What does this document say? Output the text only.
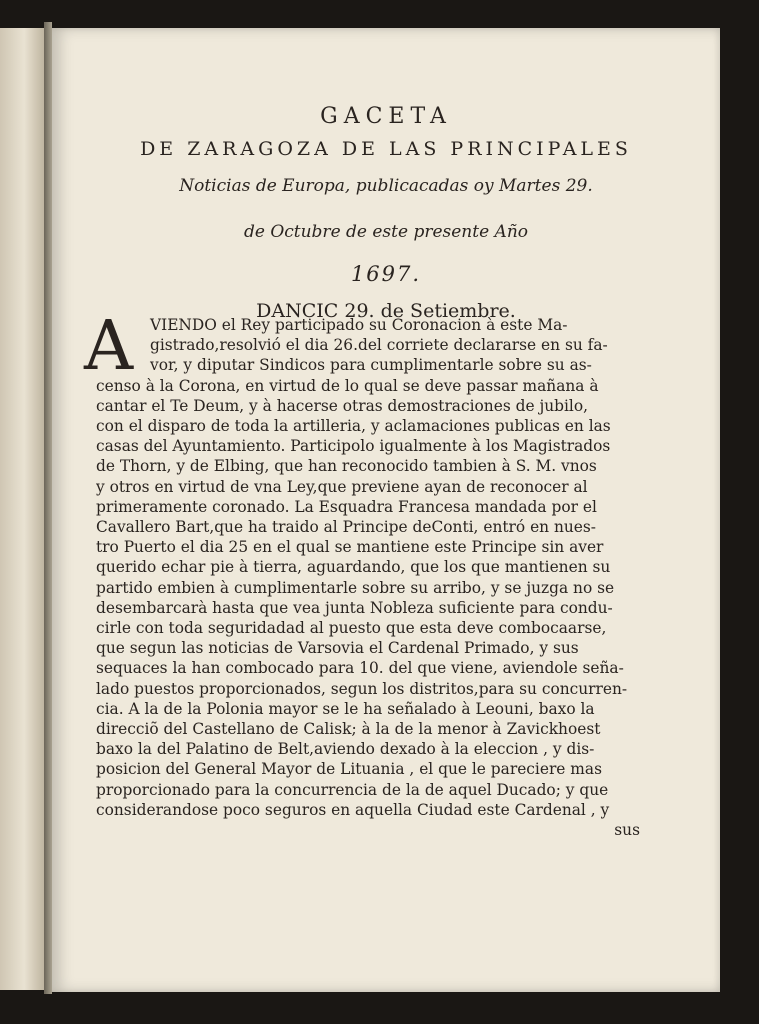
GACETA
DE ZARAGOZA DE LAS PRINCIPALES
Noticias de Europa, publicacadas oy Martes 29.
de Octubre de este presente Año
1697.
DANCIC 29. de Setiembre.
A	VIENDO el Rey participado su Coronacion à este Ma-
gistrado,resolvió el dia 26.del corriete declararse en su fa-
vor, y diputar Sindicos para cumplimentarle sobre su as-
censo à la Corona, en virtud de lo qual se deve passar mañana à
cantar el Te Deum, y à hacerse otras demostraciones de jubilo,
con el disparo de toda la artilleria, y aclamaciones publicas en las
casas del Ayuntamiento. Participolo igualmente à los Magistrados
de Thorn, y de Elbing, que han reconocido tambien à S. M. vnos
y otros en virtud de vna Ley,que previene ayan de reconocer al
primeramente coronado. La Esquadra Francesa mandada por el
Cavallero Bart,que ha traido al Principe deConti, entró en nues-
tro Puerto el dia 25 en el qual se mantiene este Principe sin aver
querido echar pie à tierra, aguardando, que los que mantienen su
partido embien à cumplimentarle sobre su arribo, y se juzga no se
desembarcarà hasta que vea junta Nobleza suficiente para condu-
cirle con toda seguridadad al puesto que esta deve combocaarse,
que segun las noticias de Varsovia el Cardenal Primado, y sus
sequaces la han combocado para 10. del que viene, aviendole seña-
lado puestos proporcionados, segun los distritos,para su concurren-
cia. A la de la Polonia mayor se le ha señalado à Leouni, baxo la
direcciõ del Castellano de Calisk; à la de la menor à Zavickhoest
baxo la del Palatino de Belt,aviendo dexado à la eleccion , y dis-
posicion del General Mayor de Lituania , el que le pareciere mas
proporcionado para la concurrencia de la de aquel Ducado; y que
considerandose poco seguros en aquella Ciudad este Cardenal , y
sus
